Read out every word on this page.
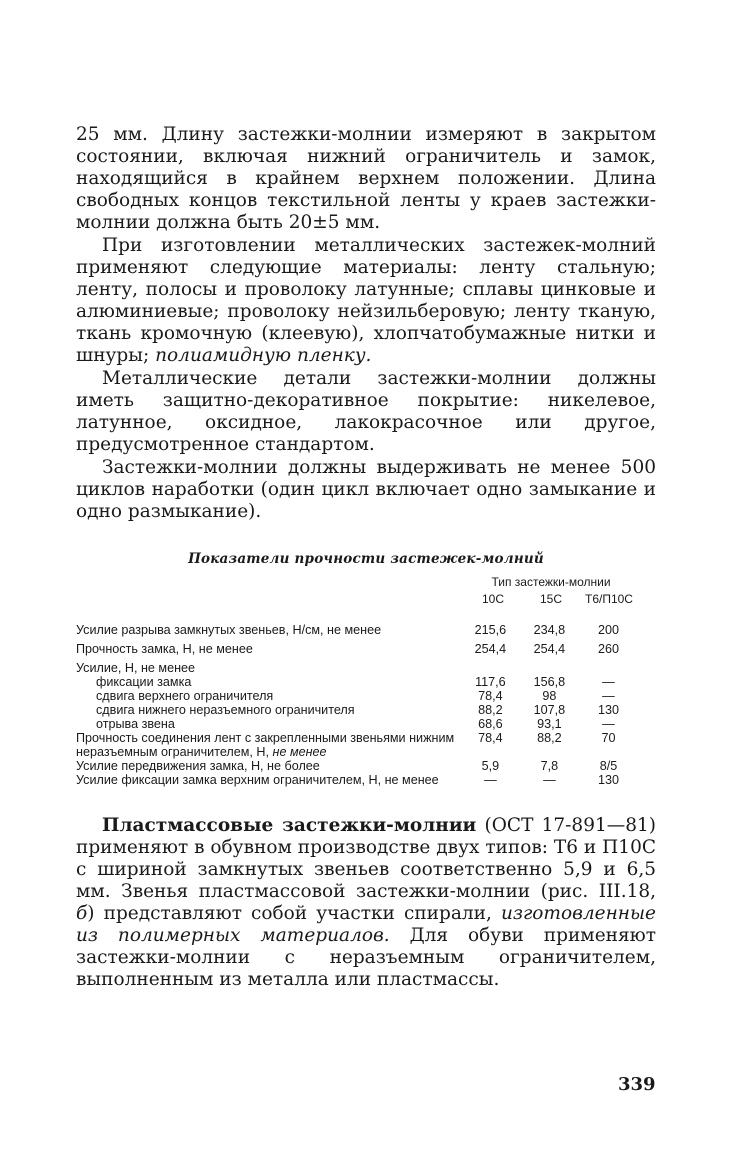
25 мм. Длину застежки-молнии измеряют в закрытом состоянии, включая нижний ограничитель и замок, находящийся в крайнем верхнем положении. Длина свободных концов текстильной ленты у краев застежки-молнии должна быть 20±5 мм.

При изготовлении металлических застежек-молний применяют следующие материалы: ленту стальную; ленту, полосы и проволоку латунные; сплавы цинковые и алюминиевые; проволоку нейзильберовую; ленту тканую, ткань кромочную (клеевую), хлопчатобумажные нитки и шнуры; полиамидную пленку.

Металлические детали застежки-молнии должны иметь защитно-декоративное покрытие: никелевое, латунное, оксидное, лакокрасочное или другое, предусмотренное стандартом.

Застежки-молнии должны выдерживать не менее 500 циклов наработки (один цикл включает одно замыкание и одно размыкание).

Показатели прочности застежек-молний
Тип застежки-молнии
10С	15С	Т6/П10С
Усилие разрыва замкнутых звеньев, Н/см, не менее	215,6	234,8	200

Прочность замка, Н, не менее	254,4	254,4	260

Усилие, Н, не менее			
фиксации замка	117,6	156,8	—
сдвига верхнего ограничителя	78,4	98	—
сдвига нижнего неразъемного ограничителя	88,2	107,8	130
отрыва звена	68,6	93,1	—
Прочность соединения лент с закрепленными звеньями нижним неразъемным ограничителем, Н, не менее	78,4	88,2	70
Усилие передвижения замка, Н, не более	5,9	7,8	8/5
Усилие фиксации замка верхним ограничителем, Н, не менее	—	—	130

Пластмассовые застежки-молнии (ОСТ 17-891—81) применяют в обувном производстве двух типов: Т6 и П10С с шириной замкнутых звеньев соответственно 5,9 и 6,5 мм. Звенья пластмассовой застежки-молнии (рис. III.18, б) представляют собой участки спирали, изготовленные из полимерных материалов. Для обуви применяют застежки-молнии с неразъемным ограничителем, выполненным из металла или пластмассы.

339
